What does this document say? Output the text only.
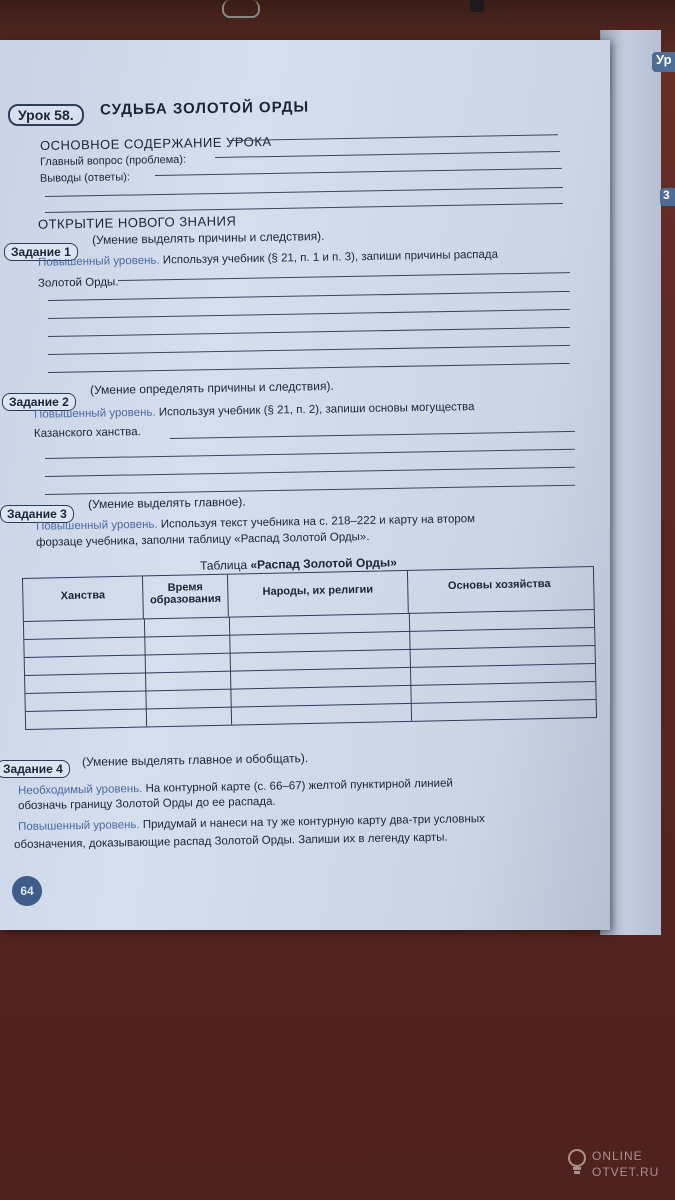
Ур
3
Урок 58.	СУДЬБА ЗОЛОТОЙ ОРДЫ
ОСНОВНОЕ СОДЕРЖАНИЕ УРОКА
Главный вопрос (проблема):
Выводы (ответы):
ОТКРЫТИЕ НОВОГО ЗНАНИЯ
Задание 1
(Умение выделять причины и следствия).
Повышенный уровень. Используя учебник (§ 21, п. 1 и п. 3), запиши причины распада
Золотой Орды.
Задание 2
(Умение определять причины и следствия).
Повышенный уровень. Используя учебник (§ 21, п. 2), запиши основы могущества
Казанского ханства.
Задание 3
(Умение выделять главное).
Повышенный уровень. Используя текст учебника на с. 218–222 и карту на втором
форзаце учебника, заполни таблицу «Распад Золотой Орды».
Таблица «Распад Золотой Орды»
Ханства
Время образования
Народы, их религии	Основы хозяйства
Задание 4
(Умение выделять главное и обобщать).
Необходимый уровень. На контурной карте (с. 66–67) желтой пунктирной линией
обозначь границу Золотой Орды до ее распада.
Повышенный уровень. Придумай и нанеси на ту же контурную карту два-три условных
обозначения, доказывающие распад Золотой Орды. Запиши их в легенду карты.
64
ONLINE
OTVET.RU
